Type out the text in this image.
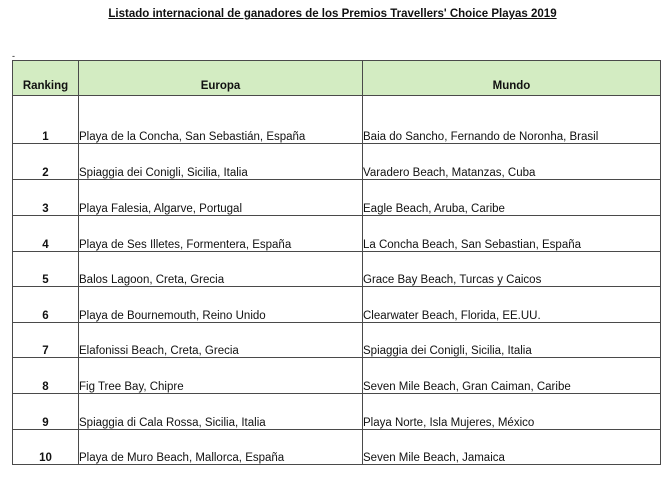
Listado internacional de ganadores de los Premios Travellers' Choice Playas 2019
-
Ranking	Europa	Mundo
1	Playa de la Concha, San Sebastián, España	Baia do Sancho, Fernando de Noronha, Brasil
2	Spiaggia dei Conigli, Sicilia, Italia	Varadero Beach, Matanzas, Cuba
3	Playa Falesia, Algarve, Portugal	Eagle Beach, Aruba, Caribe
4	Playa de Ses Illetes, Formentera, España	La Concha Beach, San Sebastian, España
5	Balos Lagoon, Creta, Grecia	Grace Bay Beach, Turcas y Caicos
6	Playa de Bournemouth, Reino Unido	Clearwater Beach, Florida, EE.UU.
7	Elafonissi Beach, Creta, Grecia	Spiaggia dei Conigli, Sicilia, Italia
8	Fig Tree Bay, Chipre	Seven Mile Beach, Gran Caiman, Caribe
9	Spiaggia di Cala Rossa, Sicilia, Italia	Playa Norte, Isla Mujeres, México
10	Playa de Muro Beach, Mallorca, España	Seven Mile Beach, Jamaica
